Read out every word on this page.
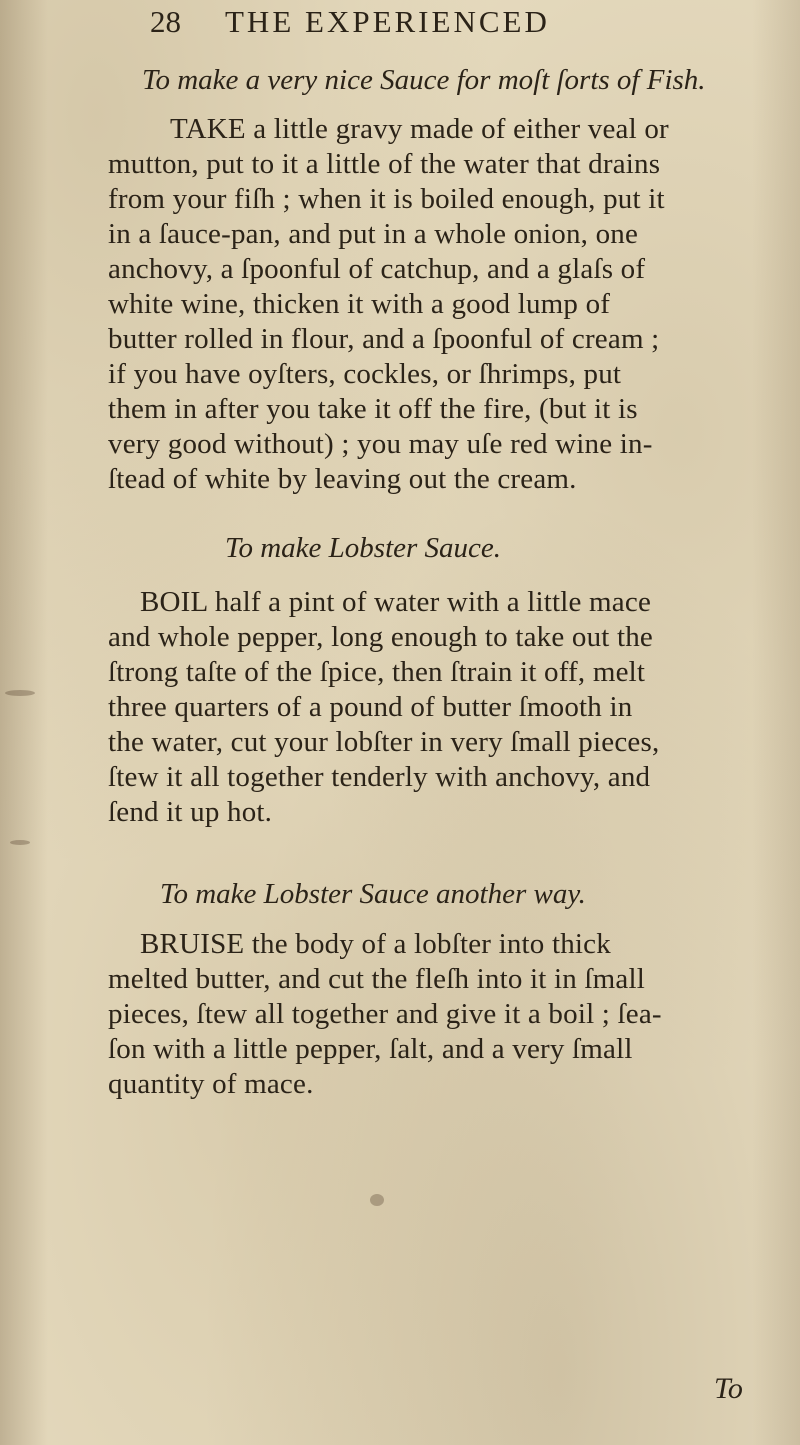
28 THE EXPERIENCED
To make a very nice Sauce for moſt ſorts of Fish.
TAKE a little gravy made of either veal or
mutton, put to it a little of the water that drains
from your fiſh ; when it is boiled enough, put it
in a ſauce-pan, and put in a whole onion, one
anchovy, a ſpoonful of catchup, and a glaſs of
white wine, thicken it with a good lump of
butter rolled in flour, and a ſpoonful of cream ;
if you have oyſters, cockles, or ſhrimps, put
them in after you take it off the fire, (but it is
very good without) ; you may uſe red wine in-
ſtead of white by leaving out the cream.
To make Lobster Sauce.
BOIL half a pint of water with a little mace
and whole pepper, long enough to take out the
ſtrong taſte of the ſpice, then ſtrain it off, melt
three quarters of a pound of butter ſmooth in
the water, cut your lobſter in very ſmall pieces,
ſtew it all together tenderly with anchovy, and
ſend it up hot.
To make Lobster Sauce another way.
BRUISE the body of a lobſter into thick
melted butter, and cut the fleſh into it in ſmall
pieces, ſtew all together and give it a boil ; ſea-
ſon with a little pepper, ſalt, and a very ſmall
quantity of mace.
To
